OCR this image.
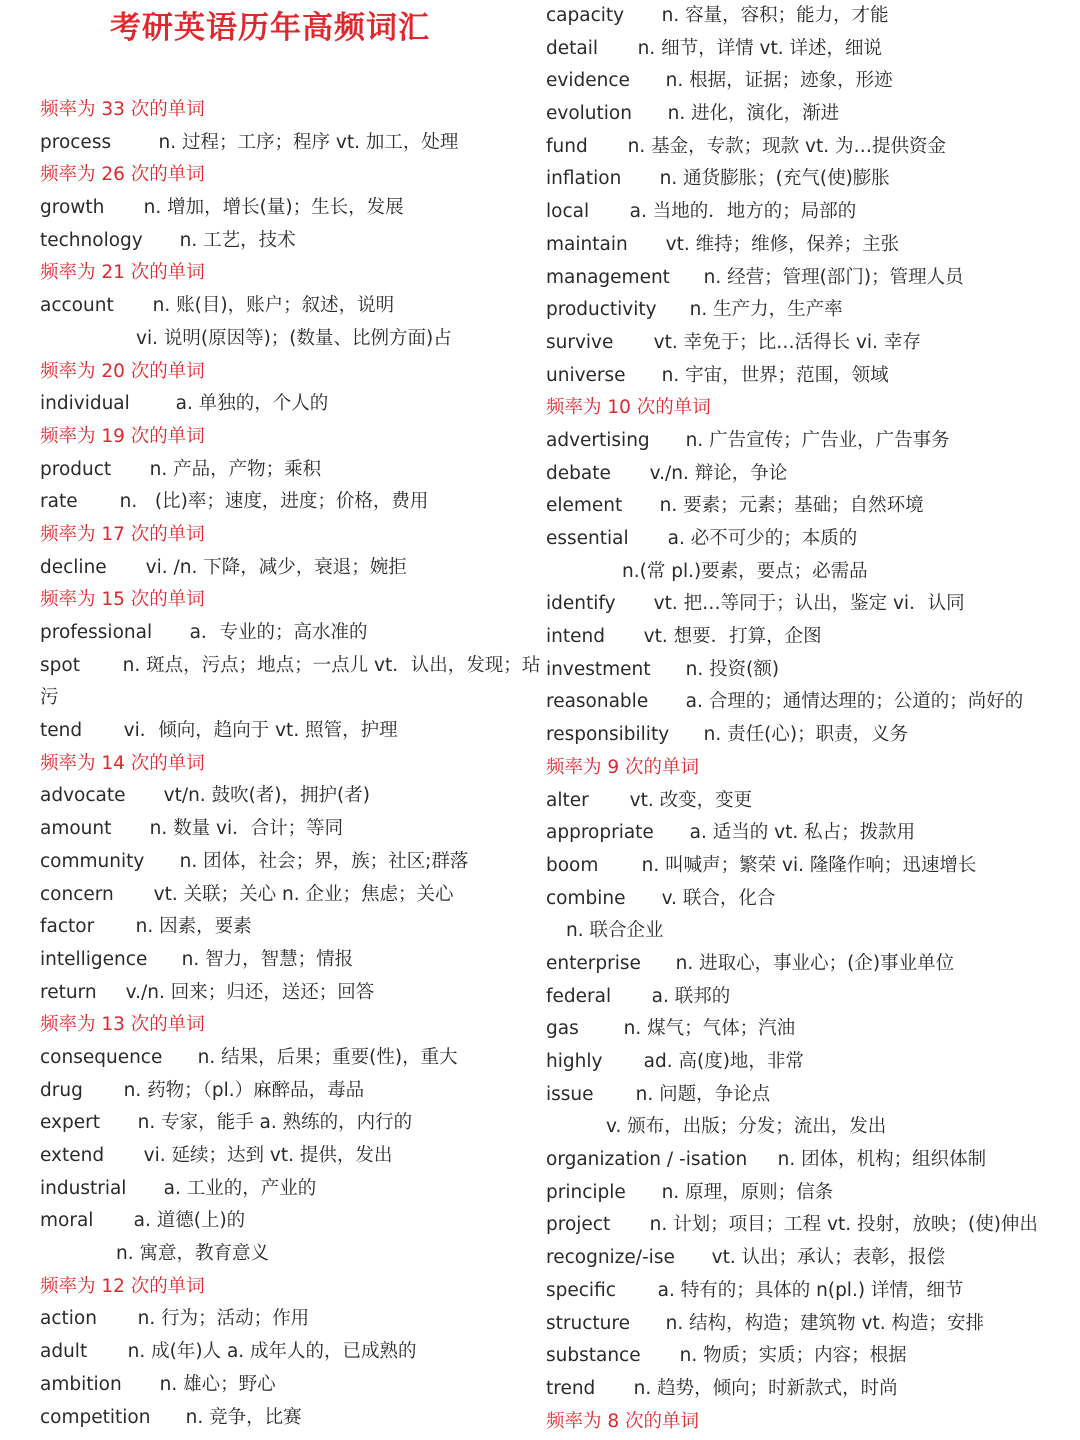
考研英语历年高频词汇
频率为 33 次的单词
process    n. 过程；工序；程序 vt. 加工，处理
频率为 26 次的单词
growth   n. 增加，增长(量)；生长，发展
technology   n. 工艺，技术
频率为 21 次的单词
account   n. 账(目)，账户；叙述，说明
vi. 说明(原因等)；(数量、比例方面)占
频率为 20 次的单词
individual   a. 单独的，个人的
频率为 19 次的单词
product   n. 产品，产物；乘积
rate   n.   (比)率；速度，进度；价格，费用
频率为 17 次的单词
decline   vi. ∕n. 下降，减少，衰退；婉拒
频率为 15 次的单词
professional   a．专业的；高水准的
spot   n. 斑点，污点；地点；一点儿 vt．认出，发现；玷
污
tend   vi．倾向，趋向于 vt. 照管，护理
频率为 14 次的单词
advocate   vt/n. 鼓吹(者)，拥护(者)
amount   n. 数量 vi．合计；等同
community   n. 团体，社会；界，族；社区;群落
concern   vt. 关联；关心 n. 企业；焦虑；关心
factor   n. 因素，要素
intelligence   n. 智力，智慧；情报
return   v./n. 回来；归还，送还；回答
频率为 13 次的单词
consequence   n. 结果，后果；重要(性)，重大
drug   n. 药物；（pl.）麻醉品，毒品
expert   n. 专家，能手 a. 熟练的，内行的
extend   vi. 延续；达到 vt. 提供，发出
industrial   a. 工业的，产业的
moral   a. 道德(上)的
n. 寓意，教育意义
频率为 12 次的单词
action   n. 行为；活动；作用
adult   n. 成(年)人 a. 成年人的，已成熟的
ambition   n. 雄心；野心
competition   n. 竞争，比赛
capacity   n. 容量，容积；能力，才能
detail   n. 细节，详情 vt. 详述，细说
evidence   n. 根据，证据；迹象，形迹
evolution   n. 进化，演化，渐进
fund   n. 基金，专款；现款 vt. 为…提供资金
inflation   n. 通货膨胀；(充气(使)膨胀
local   a. 当地的．地方的；局部的
maintain   vt. 维持；维修，保养；主张
management   n. 经营；管理(部门)；管理人员
productivity   n. 生产力，生产率
survive   vt. 幸免于；比…活得长 vi. 幸存
universe   n. 宇宙，世界；范围，领域
频率为 10 次的单词
advertising   n. 广告宣传；广告业，广告事务
debate   v./n. 辩论，争论
element   n. 要素；元素；基础；自然环境
essential   a. 必不可少的；本质的
n.(常 pl.)要素，要点；必需品
identify   vt. 把…等同于；认出，鉴定 vi．认同
intend   vt. 想要．打算，企图
investment   n. 投资(额)
reasonable   a. 合理的；通情达理的；公道的；尚好的
responsibility   n. 责任(心)；职责，义务
频率为 9 次的单词
alter   vt. 改变，变更
appropriate   a. 适当的 vt. 私占；拨款用
boom   n. 叫喊声；繁荣 vi. 隆隆作响；迅速增长
combine   v. 联合，化合
n. 联合企业
enterprise   n. 进取心，事业心；(企)事业单位
federal   a. 联邦的
gas   n. 煤气；气体；汽油
highly   ad. 高(度)地，非常
issue   n. 问题，争论点
v. 颁布，出版；分发；流出，发出
organization / -isation   n. 团体，机构；组织体制
principle   n. 原理，原则；信条
project   n. 计划；项目；工程 vt. 投射，放映；(使)伸出
recognize/-ise   vt. 认出；承认；表彰，报偿
specific   a. 特有的；具体的 n(pl.) 详情，细节
structure   n. 结构，构造；建筑物 vt. 构造；安排
substance   n. 物质；实质；内容；根据
trend   n. 趋势，倾向；时新款式，时尚
频率为 8 次的单词
